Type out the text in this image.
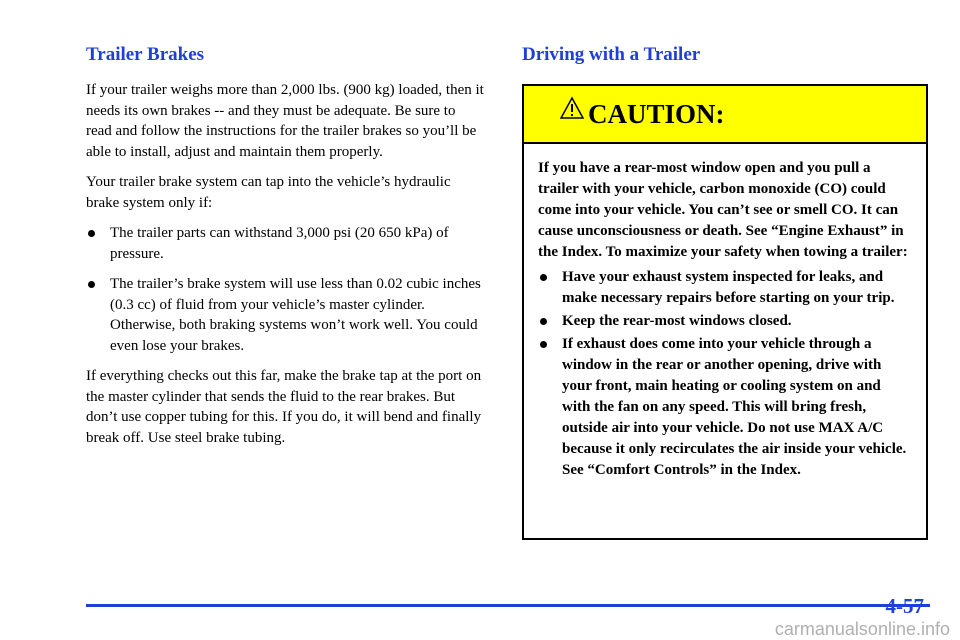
Trailer Brakes

If your trailer weighs more than 2,000 lbs. (900 kg) loaded, then it needs its own brakes -- and they must be adequate. Be sure to read and follow the instructions for the trailer brakes so you’ll be able to install, adjust and maintain them properly.

Your trailer brake system can tap into the vehicle’s hydraulic brake system only if:

The trailer parts can withstand 3,000 psi (20 650 kPa) of pressure.
The trailer’s brake system will use less than 0.02 cubic inches (0.3 cc) of fluid from your vehicle’s master cylinder. Otherwise, both braking systems won’t work well. You could even lose your brakes.

If everything checks out this far, make the brake tap at the port on the master cylinder that sends the fluid to the rear brakes. But don’t use copper tubing for this. If you do, it will bend and finally break off. Use steel brake tubing.

Driving with a Trailer
CAUTION:

If you have a rear-most window open and you pull a trailer with your vehicle, carbon monoxide (CO) could come into your vehicle. You can’t see or smell CO. It can cause unconsciousness or death. See “Engine Exhaust” in the Index. To maximize your safety when towing a trailer:

Have your exhaust system inspected for leaks, and make necessary repairs before starting on your trip.
Keep the rear-most windows closed.
If exhaust does come into your vehicle through a window in the rear or another opening, drive with your front, main heating or cooling system on and with the fan on any speed. This will bring fresh, outside air into your vehicle. Do not use MAX A/C because it only recirculates the air inside your vehicle. See “Comfort Controls” in the Index.
4-57
carmanualsonline.info
